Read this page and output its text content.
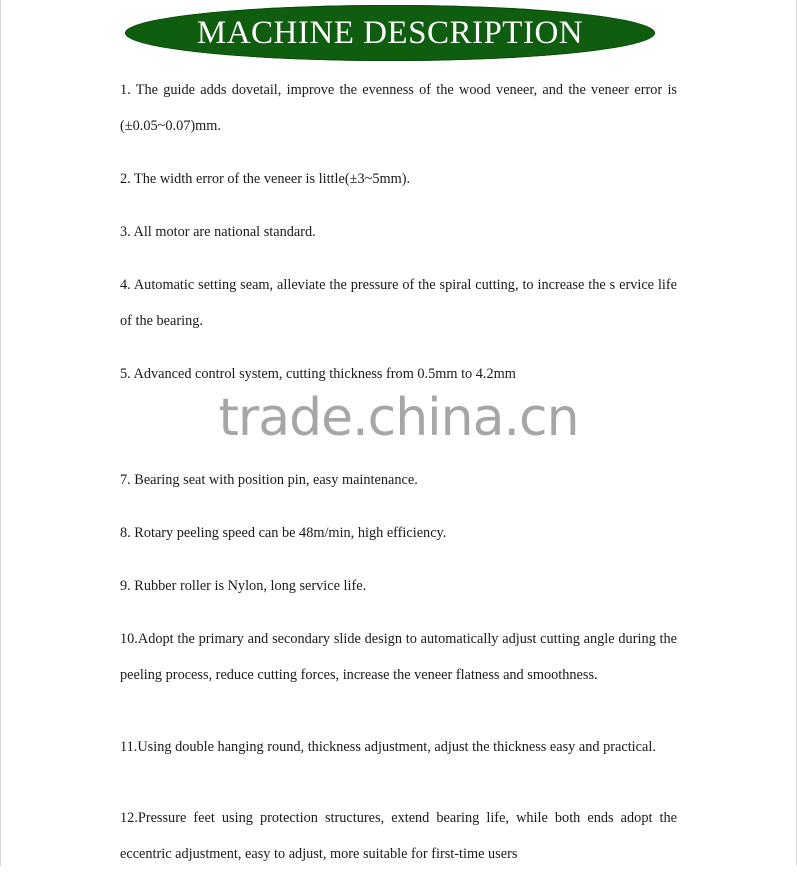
MACHINE DESCRIPTION

1. The guide adds dovetail, improve the evenness of the wood veneer, and the veneer error is (±0.05~0.07)mm.

2. The width error of the veneer is little(±3~5mm).

3. All motor are national standard.

4. Automatic setting seam, alleviate the pressure of the spiral cutting, to increase the s ervice life of the bearing.

5. Advanced control system, cutting thickness from 0.5mm to 4.2mm

7. Bearing seat with position pin, easy maintenance.

8. Rotary peeling speed can be 48m/min, high efficiency.

9. Rubber roller is Nylon, long service life.

10.Adopt the primary and secondary slide design to automatically adjust cutting angle during the peeling process, reduce cutting forces, increase the veneer flatness and smoothness.

11.Using double hanging round, thickness adjustment, adjust the thickness easy and practical.

12.Pressure feet using protection structures, extend bearing life, while both ends adopt the eccentric adjustment, easy to adjust, more suitable for first-time users

trade.china.cn
